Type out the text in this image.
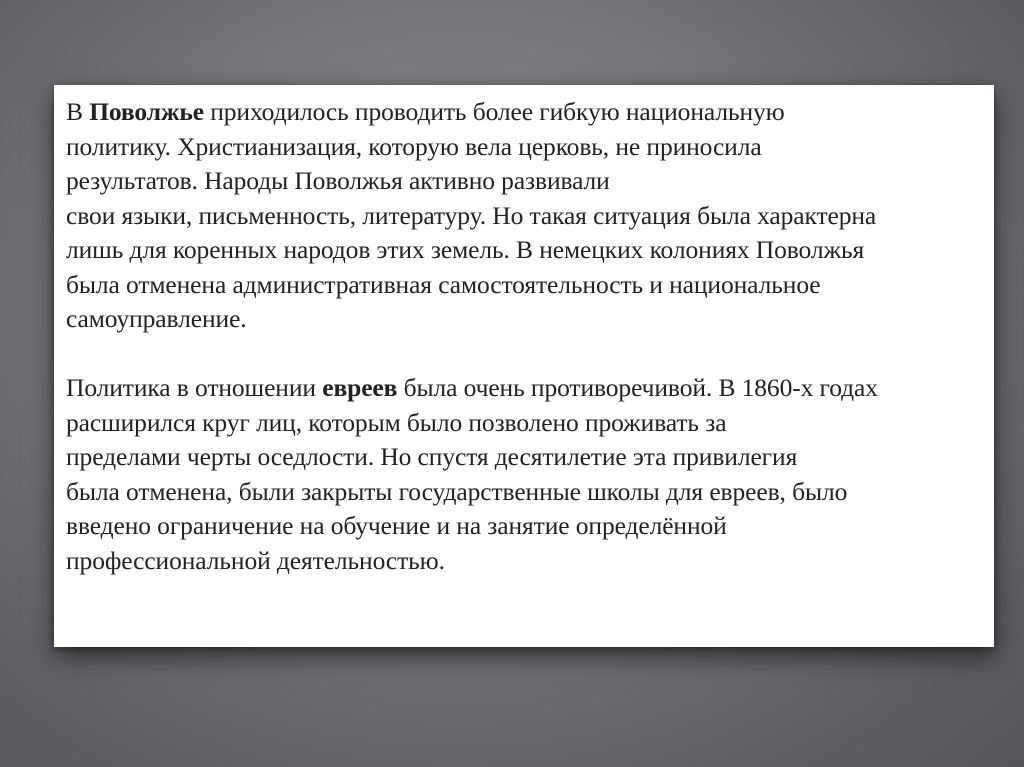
В Поволжье приходилось проводить более гибкую национальную
политику. Христианизация, которую вела церковь, не приносила
результатов. Народы Поволжья активно развивали
свои языки, письменность, литературу. Но такая ситуация была характерна
лишь для коренных народов этих земель. В немецких колониях Поволжья
была отменена административная самостоятельность и национальное
самоуправление.

Политика в отношении евреев была очень противоречивой. В 1860-х годах
расширился круг лиц, которым было позволено проживать за
пределами черты оседлости. Но спустя десятилетие эта привилегия
была отменена, были закрыты государственные школы для евреев, было
введено ограничение на обучение и на занятие определённой
профессиональной деятельностью.
